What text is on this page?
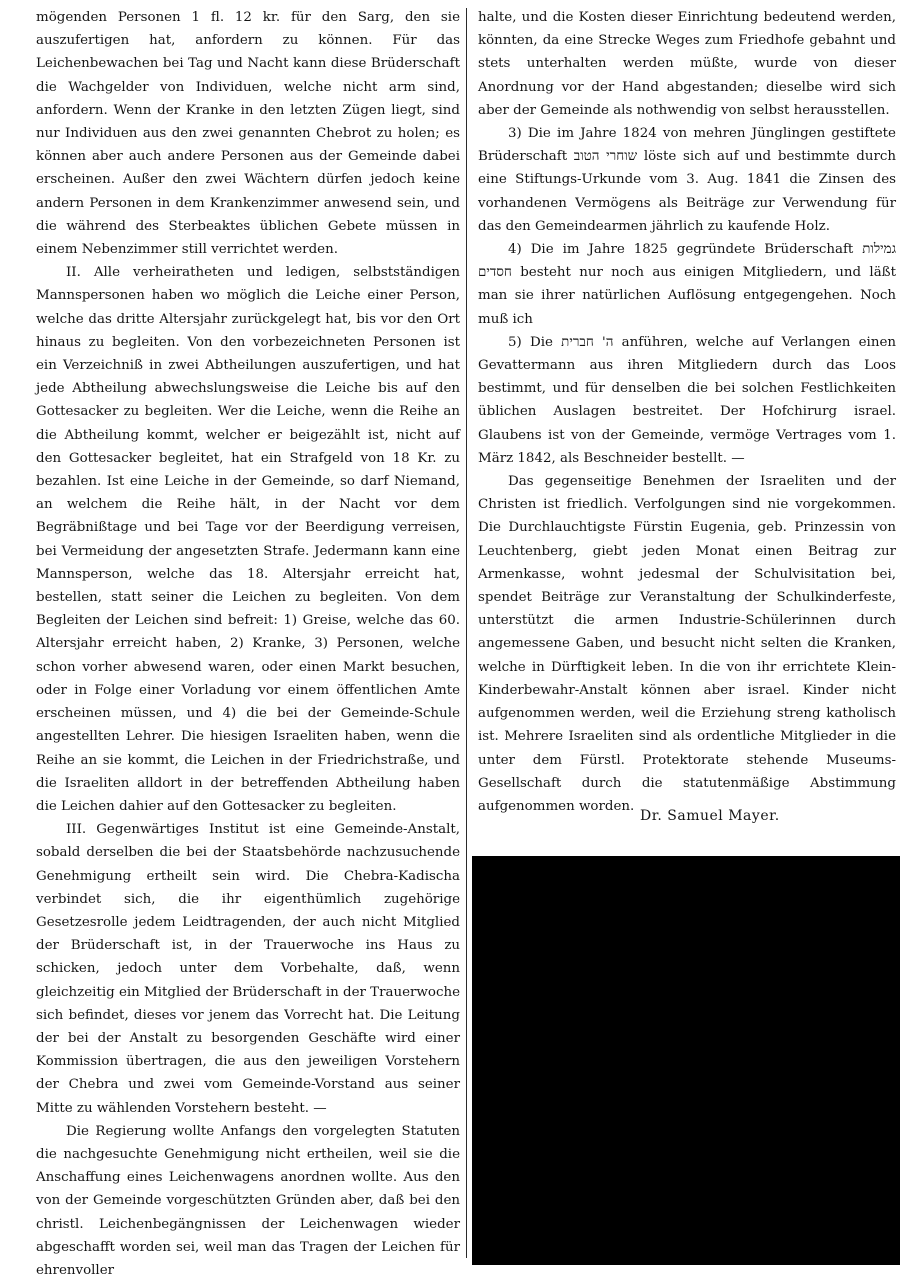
mögenden Personen 1 fl. 12 kr. für den Sarg, den sie auszufertigen hat, anfordern zu können. Für das Leichenbewachen bei Tag und Nacht kann diese Brüderschaft die Wachgelder von Individuen, welche nicht arm sind, anfordern. Wenn der Kranke in den letzten Zügen liegt, sind nur Individuen aus den zwei genannten Chebrot zu holen; es können aber auch andere Personen aus der Gemeinde dabei erscheinen. Außer den zwei Wächtern dürfen jedoch keine andern Personen in dem Krankenzimmer anwesend sein, und die während des Sterbeaktes üblichen Gebete müssen in einem Nebenzimmer still verrichtet werden.

II. Alle verheiratheten und ledigen, selbstständigen Mannspersonen haben wo möglich die Leiche einer Person, welche das dritte Altersjahr zurückgelegt hat, bis vor den Ort hinaus zu begleiten. Von den vorbezeichneten Personen ist ein Verzeichniß in zwei Abtheilungen auszufertigen, und hat jede Abtheilung abwechslungsweise die Leiche bis auf den Gottesacker zu begleiten. Wer die Leiche, wenn die Reihe an die Abtheilung kommt, welcher er beigezählt ist, nicht auf den Gottesacker begleitet, hat ein Strafgeld von 18 Kr. zu bezahlen. Ist eine Leiche in der Gemeinde, so darf Niemand, an welchem die Reihe hält, in der Nacht vor dem Begräbnißtage und bei Tage vor der Beerdigung verreisen, bei Vermeidung der angesetzten Strafe. Jedermann kann eine Mannsperson, welche das 18. Altersjahr erreicht hat, bestellen, statt seiner die Leichen zu begleiten. Von dem Begleiten der Leichen sind befreit: 1) Greise, welche das 60. Altersjahr erreicht haben, 2) Kranke, 3) Personen, welche schon vorher abwesend waren, oder einen Markt besuchen, oder in Folge einer Vorladung vor einem öffentlichen Amte erscheinen müssen, und 4) die bei der Gemeinde-Schule angestellten Lehrer. Die hiesigen Israeliten haben, wenn die Reihe an sie kommt, die Leichen in der Friedrichstraße, und die Israeliten alldort in der betreffenden Abtheilung haben die Leichen dahier auf den Gottesacker zu begleiten.

III. Gegenwärtiges Institut ist eine Gemeinde-Anstalt, sobald derselben die bei der Staatsbehörde nachzusuchende Genehmigung ertheilt sein wird. Die Chebra-Kadischa verbindet sich, die ihr eigenthümlich zugehörige Gesetzesrolle jedem Leidtragenden, der auch nicht Mitglied der Brüderschaft ist, in der Trauerwoche ins Haus zu schicken, jedoch unter dem Vorbehalte, daß, wenn gleichzeitig ein Mitglied der Brüderschaft in der Trauerwoche sich befindet, dieses vor jenem das Vorrecht hat. Die Leitung der bei der Anstalt zu besorgenden Geschäfte wird einer Kommission übertragen, die aus den jeweiligen Vorstehern der Chebra und zwei vom Gemeinde-Vorstand aus seiner Mitte zu wählenden Vorstehern besteht. —

Die Regierung wollte Anfangs den vorgelegten Statuten die nachgesuchte Genehmigung nicht ertheilen, weil sie die Anschaffung eines Leichenwagens anordnen wollte. Aus den von der Gemeinde vorgeschützten Gründen aber, daß bei den christl. Leichenbegängnissen der Leichenwagen wieder abgeschafft worden sei, weil man das Tragen der Leichen für ehrenvoller

halte, und die Kosten dieser Einrichtung bedeutend werden, könnten, da eine Strecke Weges zum Friedhofe gebahnt und stets unterhalten werden müßte, wurde von dieser Anordnung vor der Hand abgestanden; dieselbe wird sich aber der Gemeinde als nothwendig von selbst herausstellen.

3) Die im Jahre 1824 von mehren Jünglingen gestiftete Brüderschaft שוחרי הטוב löste sich auf und bestimmte durch eine Stiftungs-Urkunde vom 3. Aug. 1841 die Zinsen des vorhandenen Vermögens als Beiträge zur Verwendung für das den Gemeindearmen jährlich zu kaufende Holz.

4) Die im Jahre 1825 gegründete Brüderschaft גמילות חסדים besteht nur noch aus einigen Mitgliedern, und läßt man sie ihrer natürlichen Auflösung entgegengehen. Noch muß ich

5) Die ה' חברית anführen, welche auf Verlangen einen Gevattermann aus ihren Mitgliedern durch das Loos bestimmt, und für denselben die bei solchen Festlichkeiten üblichen Auslagen bestreitet. Der Hofchirurg israel. Glaubens ist von der Gemeinde, vermöge Vertrages vom 1. März 1842, als Beschneider bestellt. —

Das gegenseitige Benehmen der Israeliten und der Christen ist friedlich. Verfolgungen sind nie vorgekommen. Die Durchlauchtigste Fürstin Eugenia, geb. Prinzessin von Leuchtenberg, giebt jeden Monat einen Beitrag zur Armenkasse, wohnt jedesmal der Schulvisitation bei, spendet Beiträge zur Veranstaltung der Schulkinderfeste, unterstützt die armen Industrie-Schülerinnen durch angemessene Gaben, und besucht nicht selten die Kranken, welche in Dürftigkeit leben. In die von ihr errichtete Klein-Kinderbewahr-Anstalt können aber israel. Kinder nicht aufgenommen werden, weil die Erziehung streng katholisch ist. Mehrere Israeliten sind als ordentliche Mitglieder in die unter dem Fürstl. Protektorate stehende Museums-Gesellschaft durch die statutenmäßige Abstimmung aufgenommen worden.

Dr. Samuel Mayer.
